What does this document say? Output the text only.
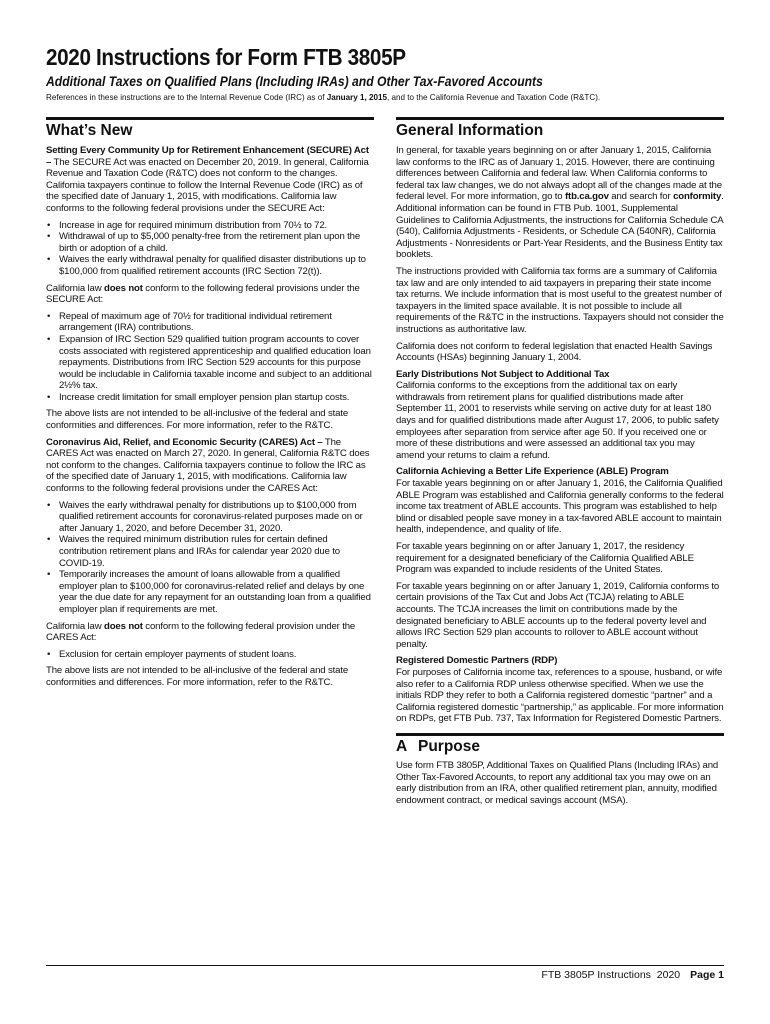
2020 Instructions for Form FTB 3805P
Additional Taxes on Qualified Plans (Including IRAs) and Other Tax-Favored Accounts
References in these instructions are to the Internal Revenue Code (IRC) as of January 1, 2015, and to the California Revenue and Taxation Code (R&TC).
What’s New

Setting Every Community Up for Retirement Enhancement (SECURE) Act – The SECURE Act was enacted on December 20, 2019. In general, California Revenue and Taxation Code (R&TC) does not conform to the changes. California taxpayers continue to follow the Internal Revenue Code (IRC) as of the specified date of January 1, 2015, with modifications. California law conforms to the following federal provisions under the SECURE Act:

• Increase in age for required minimum distribution from 70½ to 72.
• Withdrawal of up to $5,000 penalty-free from the retirement plan upon the birth or adoption of a child.
• Waives the early withdrawal penalty for qualified disaster distributions up to $100,000 from qualified retirement accounts (IRC Section 72(t)).

California law does not conform to the following federal provisions under the SECURE Act:

• Repeal of maximum age of 70½ for traditional individual retirement arrangement (IRA) contributions.
• Expansion of IRC Section 529 qualified tuition program accounts to cover costs associated with registered apprenticeship and qualified education loan repayments. Distributions from IRC Section 529 accounts for this purpose would be includable in California taxable income and subject to an additional 2½% tax.
• Increase credit limitation for small employer pension plan startup costs.

The above lists are not intended to be all-inclusive of the federal and state conformities and differences. For more information, refer to the R&TC.

Coronavirus Aid, Relief, and Economic Security (CARES) Act – The CARES Act was enacted on March 27, 2020. In general, California R&TC does not conform to the changes. California taxpayers continue to follow the IRC as of the specified date of January 1, 2015, with modifications. California law conforms to the following federal provisions under the CARES Act:

• Waives the early withdrawal penalty for distributions up to $100,000 from qualified retirement accounts for coronavirus-related purposes made on or after January 1, 2020, and before December 31, 2020.
• Waives the required minimum distribution rules for certain defined contribution retirement plans and IRAs for calendar year 2020 due to COVID-19.
• Temporarily increases the amount of loans allowable from a qualified employer plan to $100,000 for coronavirus-related relief and delays by one year the due date for any repayment for an outstanding loan from a qualified employer plan if requirements are met.

California law does not conform to the following federal provision under the CARES Act:

• Exclusion for certain employer payments of student loans.

The above lists are not intended to be all-inclusive of the federal and state conformities and differences. For more information, refer to the R&TC.

General Information

In general, for taxable years beginning on or after January 1, 2015, California law conforms to the IRC as of January 1, 2015. However, there are continuing differences between California and federal law. When California conforms to federal tax law changes, we do not always adopt all of the changes made at the federal level. For more information, go to ftb.ca.gov and search for conformity. Additional information can be found in FTB Pub. 1001, Supplemental Guidelines to California Adjustments, the instructions for California Schedule CA (540), California Adjustments - Residents, or Schedule CA (540NR), California Adjustments - Nonresidents or Part-Year Residents, and the Business Entity tax booklets.

The instructions provided with California tax forms are a summary of California tax law and are only intended to aid taxpayers in preparing their state income tax returns. We include information that is most useful to the greatest number of taxpayers in the limited space available. It is not possible to include all requirements of the R&TC in the instructions. Taxpayers should not consider the instructions as authoritative law.

California does not conform to federal legislation that enacted Health Savings Accounts (HSAs) beginning January 1, 2004.

Early Distributions Not Subject to Additional Tax
California conforms to the exceptions from the additional tax on early withdrawals from retirement plans for qualified distributions made after September 11, 2001 to reservists while serving on active duty for at least 180 days and for qualified distributions made after August 17, 2006, to public safety employees after separation from service after age 50. If you received one or more of these distributions and were assessed an additional tax you may amend your returns to claim a refund.

California Achieving a Better Life Experience (ABLE) Program
For taxable years beginning on or after January 1, 2016, the California Qualified ABLE Program was established and California generally conforms to the federal income tax treatment of ABLE accounts. This program was established to help blind or disabled people save money in a tax-favored ABLE account to maintain health, independence, and quality of life.

For taxable years beginning on or after January 1, 2017, the residency requirement for a designated beneficiary of the California Qualified ABLE Program was expanded to include residents of the United States.

For taxable years beginning on or after January 1, 2019, California conforms to certain provisions of the Tax Cut and Jobs Act (TCJA) relating to ABLE accounts. The TCJA increases the limit on contributions made by the designated beneficiary to ABLE accounts up to the federal poverty level and allows IRC Section 529 plan accounts to rollover to ABLE account without penalty.

Registered Domestic Partners (RDP)
For purposes of California income tax, references to a spouse, husband, or wife also refer to a California RDP unless otherwise specified. When we use the initials RDP they refer to both a California registered domestic “partner” and a California registered domestic “partnership,” as applicable. For more information on RDPs, get FTB Pub. 737, Tax Information for Registered Domestic Partners.

A Purpose

Use form FTB 3805P, Additional Taxes on Qualified Plans (Including IRAs) and Other Tax-Favored Accounts, to report any additional tax you may owe on an early distribution from an IRA, other qualified retirement plan, annuity, modified endowment contract, or medical savings account (MSA).

FTB 3805P Instructions  2020 Page 1
